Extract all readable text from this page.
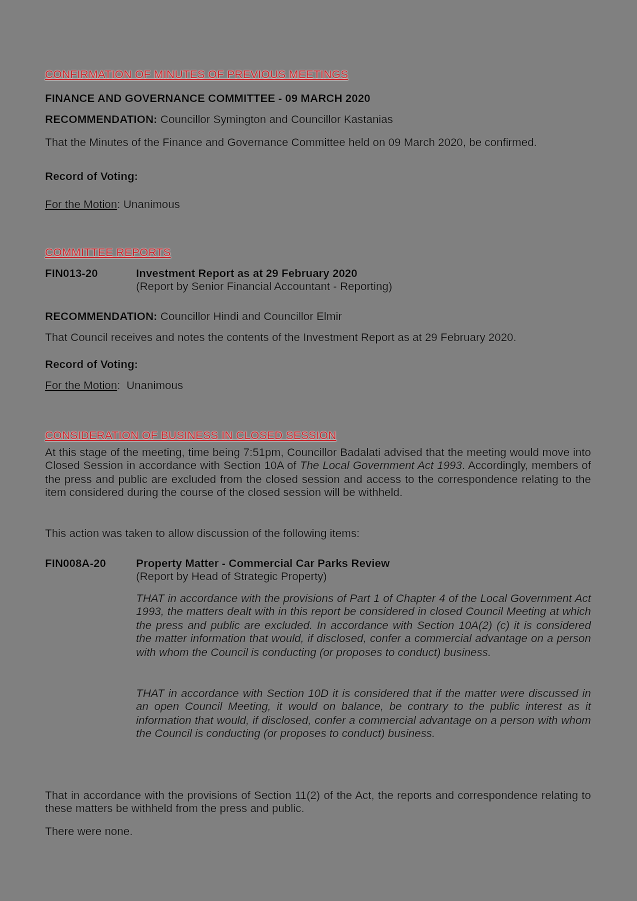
CONFIRMATION OF MINUTES OF PREVIOUS MEETINGS
FINANCE AND GOVERNANCE COMMITTEE - 09 MARCH 2020
RECOMMENDATION: Councillor Symington and Councillor Kastanias
That the Minutes of the Finance and Governance Committee held on 09 March 2020, be confirmed.
Record of Voting:
For the Motion: Unanimous
COMMITTEE REPORTS
FIN013-20	Investment Report as at 29 February 2020
(Report by Senior Financial Accountant - Reporting)
RECOMMENDATION: Councillor Hindi and Councillor Elmir
That Council receives and notes the contents of the Investment Report as at 29 February 2020.
Record of Voting:
For the Motion:  Unanimous
CONSIDERATION OF BUSINESS IN CLOSED SESSION
At this stage of the meeting, time being 7:51pm, Councillor Badalati advised that the meeting would move into Closed Session in accordance with Section 10A of The Local Government Act 1993. Accordingly, members of the press and public are excluded from the closed session and access to the correspondence relating to the item considered during the course of the closed session will be withheld.
This action was taken to allow discussion of the following items:
FIN008A-20	Property Matter - Commercial Car Parks Review
(Report by Head of Strategic Property)
THAT in accordance with the provisions of Part 1 of Chapter 4 of the Local Government Act 1993, the matters dealt with in this report be considered in closed Council Meeting at which the press and public are excluded. In accordance with Section 10A(2) (c) it is considered the matter information that would, if disclosed, confer a commercial advantage on a person with whom the Council is conducting (or proposes to conduct) business.
THAT in accordance with Section 10D it is considered that if the matter were discussed in an open Council Meeting, it would on balance, be contrary to the public interest as it information that would, if disclosed, confer a commercial advantage on a person with whom the Council is conducting (or proposes to conduct) business.
That in accordance with the provisions of Section 11(2) of the Act, the reports and correspondence relating to these matters be withheld from the press and public.
There were none.
